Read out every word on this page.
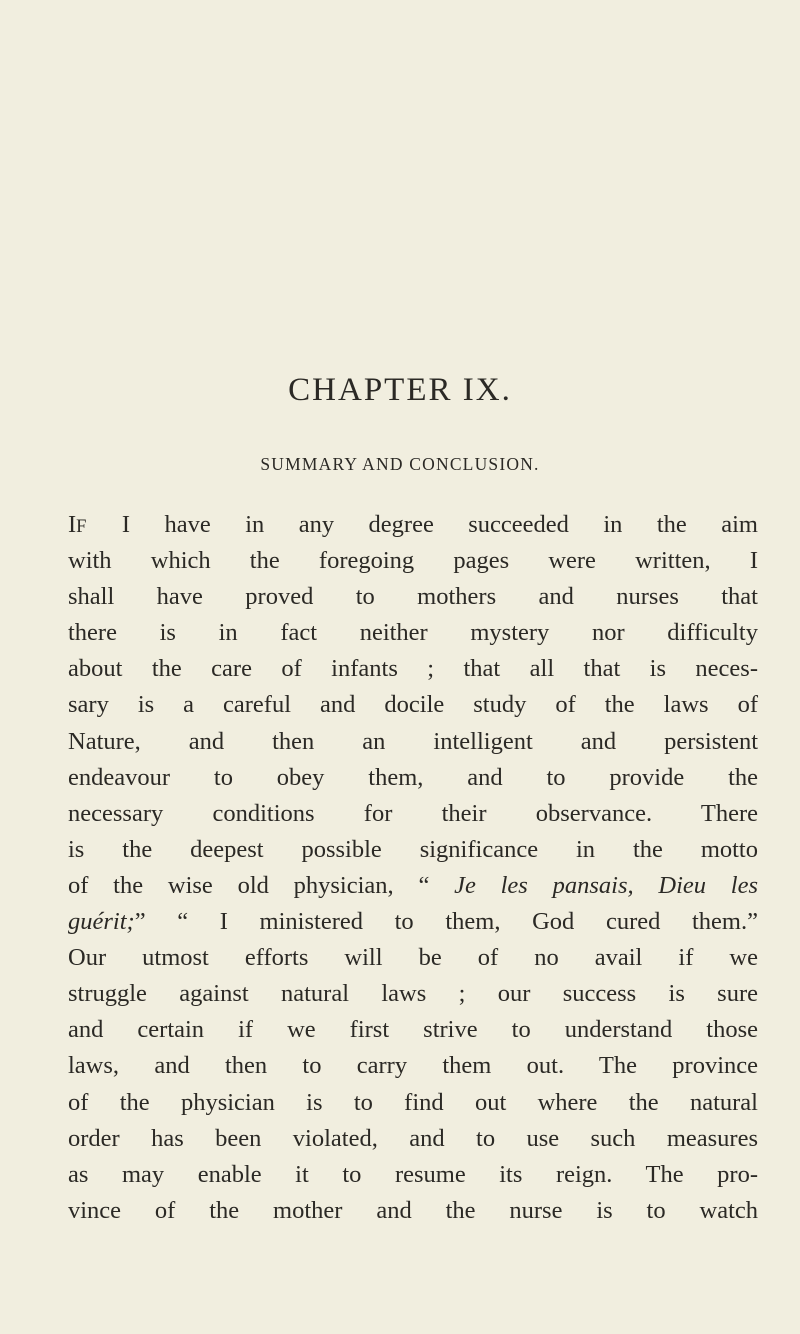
CHAPTER IX.
SUMMARY AND CONCLUSION.
IF I have in any degree succeeded in the aim
with which the foregoing pages were written, I
shall have proved to mothers and nurses that
there is in fact neither mystery nor difficulty
about the care of infants ; that all that is neces-
sary is a careful and docile study of the laws of
Nature, and then an intelligent and persistent
endeavour to obey them, and to provide the
necessary conditions for their observance. There
is the deepest possible significance in the motto
of the wise old physician, “ Je les pansais, Dieu les
guérit;” “ I ministered to them, God cured them.”
Our utmost efforts will be of no avail if we
struggle against natural laws ; our success is sure
and certain if we first strive to understand those
laws, and then to carry them out. The province
of the physician is to find out where the natural
order has been violated, and to use such measures
as may enable it to resume its reign. The pro-
vince of the mother and the nurse is to watch
